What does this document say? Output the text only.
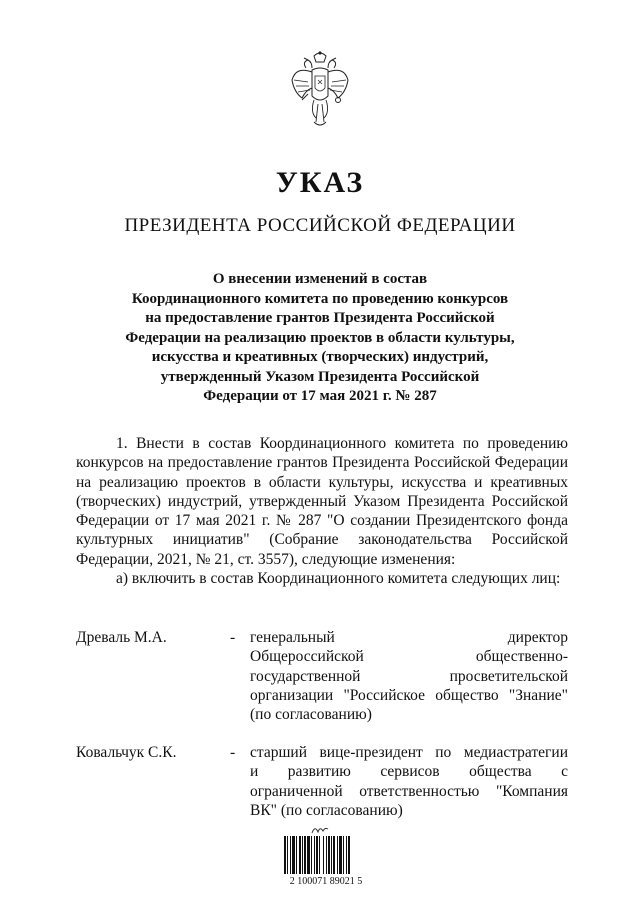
УКАЗ
ПРЕЗИДЕНТА РОССИЙСКОЙ ФЕДЕРАЦИИ
О внесении изменений в состав
Координационного комитета по проведению конкурсов
на предоставление грантов Президента Российской
Федерации на реализацию проектов в области культуры,
искусства и креативных (творческих) индустрий,
утвержденный Указом Президента Российской
Федерации от 17 мая 2021 г. № 287

1. Внести в состав Координационного комитета по проведению конкурсов на предоставление грантов Президента Российской Федерации на реализацию проектов в области культуры, искусства и креативных (творческих) индустрий, утвержденный Указом Президента Российской Федерации от 17 мая 2021 г. № 287 "О создании Президентского фонда культурных инициатив" (Собрание законодательства Российской Федерации, 2021, № 21, ст. 3557), следующие изменения:

а) включить в состав Координационного комитета следующих лиц:

Древаль М.А.	- генеральный директор
Общероссийской общественно-
государственной просветительской
организации "Российское общество "Знание"
(по согласованию)
Ковальчук С.К.	- старший вице-президент по медиастратегии
и развитию сервисов общества с
ограниченной ответственностью "Компания
ВК" (по согласованию)
2 100071 89021 5
